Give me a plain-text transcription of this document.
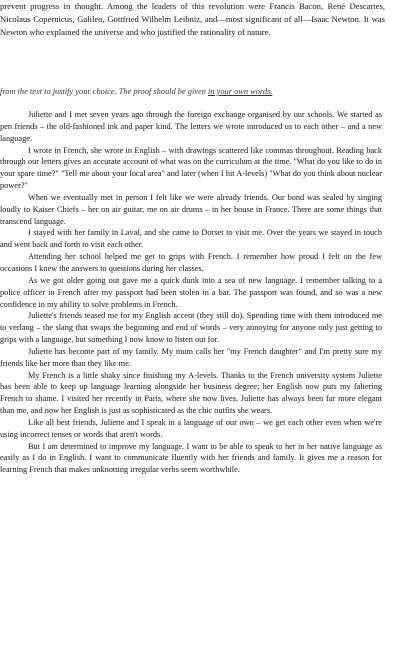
prevent progress in thought. Among the leaders of this revolution were Francis Bacon, René Descartes, Nicolaus Copernicus, Galileo, Gottfried Wilhelm Leibniz, and—most significant of all—Isaac Newton. It was Newton who explained the universe and who justified the rationality of nature.
from the text to justify your choice. The proof should be given in your own words.

Juliette and I met seven years ago through the foreign exchange organised by our schools. We started as pen friends – the old-fashioned ink and paper kind. The letters we wrote introduced us to each other – and a new language.

I wrote in French, she wrote in English – with drawings scattered like commas throughout. Reading back through our letters gives an accurate account of what was on the curriculum at the time. "What do you like to do in your spare time?" "Tell me about your local area" and later (when I hit A-levels) "What do you think about nuclear power?"

When we eventually met in person I felt like we were already friends. Our bond was sealed by singing loudly to Kaiser Chiefs – her on air guitar, me on air drums – in her house in France. There are some things that transcend language.

I stayed with her family in Laval, and she came to Dorset to visit me. Over the years we stayed in touch and went back and forth to visit each other.

Attending her school helped me get to grips with French. I remember how proud I felt on the few occasions I knew the answers to questions during her classes.

As we got older going out gave me a quick dunk into a sea of new language. I remember talking to a police officer in French after my passport had been stolen in a bar. The passport was found, and so was a new confidence in my ability to solve problems in French.

Juliette's friends teased me for my English accent (they still do). Spending time with them introduced me to verlang – the slang that swaps the beginning and end of words – very annoying for anyone only just getting to grips with a language, but something I now know to listen out for.

Juliette has become part of my family. My mum calls her "my French daughter" and I'm pretty sure my friends like her more than they like me.

My French is a little shaky since finishing my A-levels. Thanks to the French university system Juliette has been able to keep up language learning alongside her business degree; her English now puts my faltering French to shame. I visited her recently in Paris, where she now lives. Juliette has always been far more elegant than me, and now her English is just as sophisticated as the chic outfits she wears.

Like all best friends, Juliette and I speak in a language of our own – we get each other even when we're using incorrect tenses or words that aren't words.

But I am determined to improve my language. I want to be able to speak to her in her native language as easily as I do in English. I want to communicate fluently with her friends and family. It gives me a reason for learning French that makes unknotting irregular verbs seem worthwhile.
